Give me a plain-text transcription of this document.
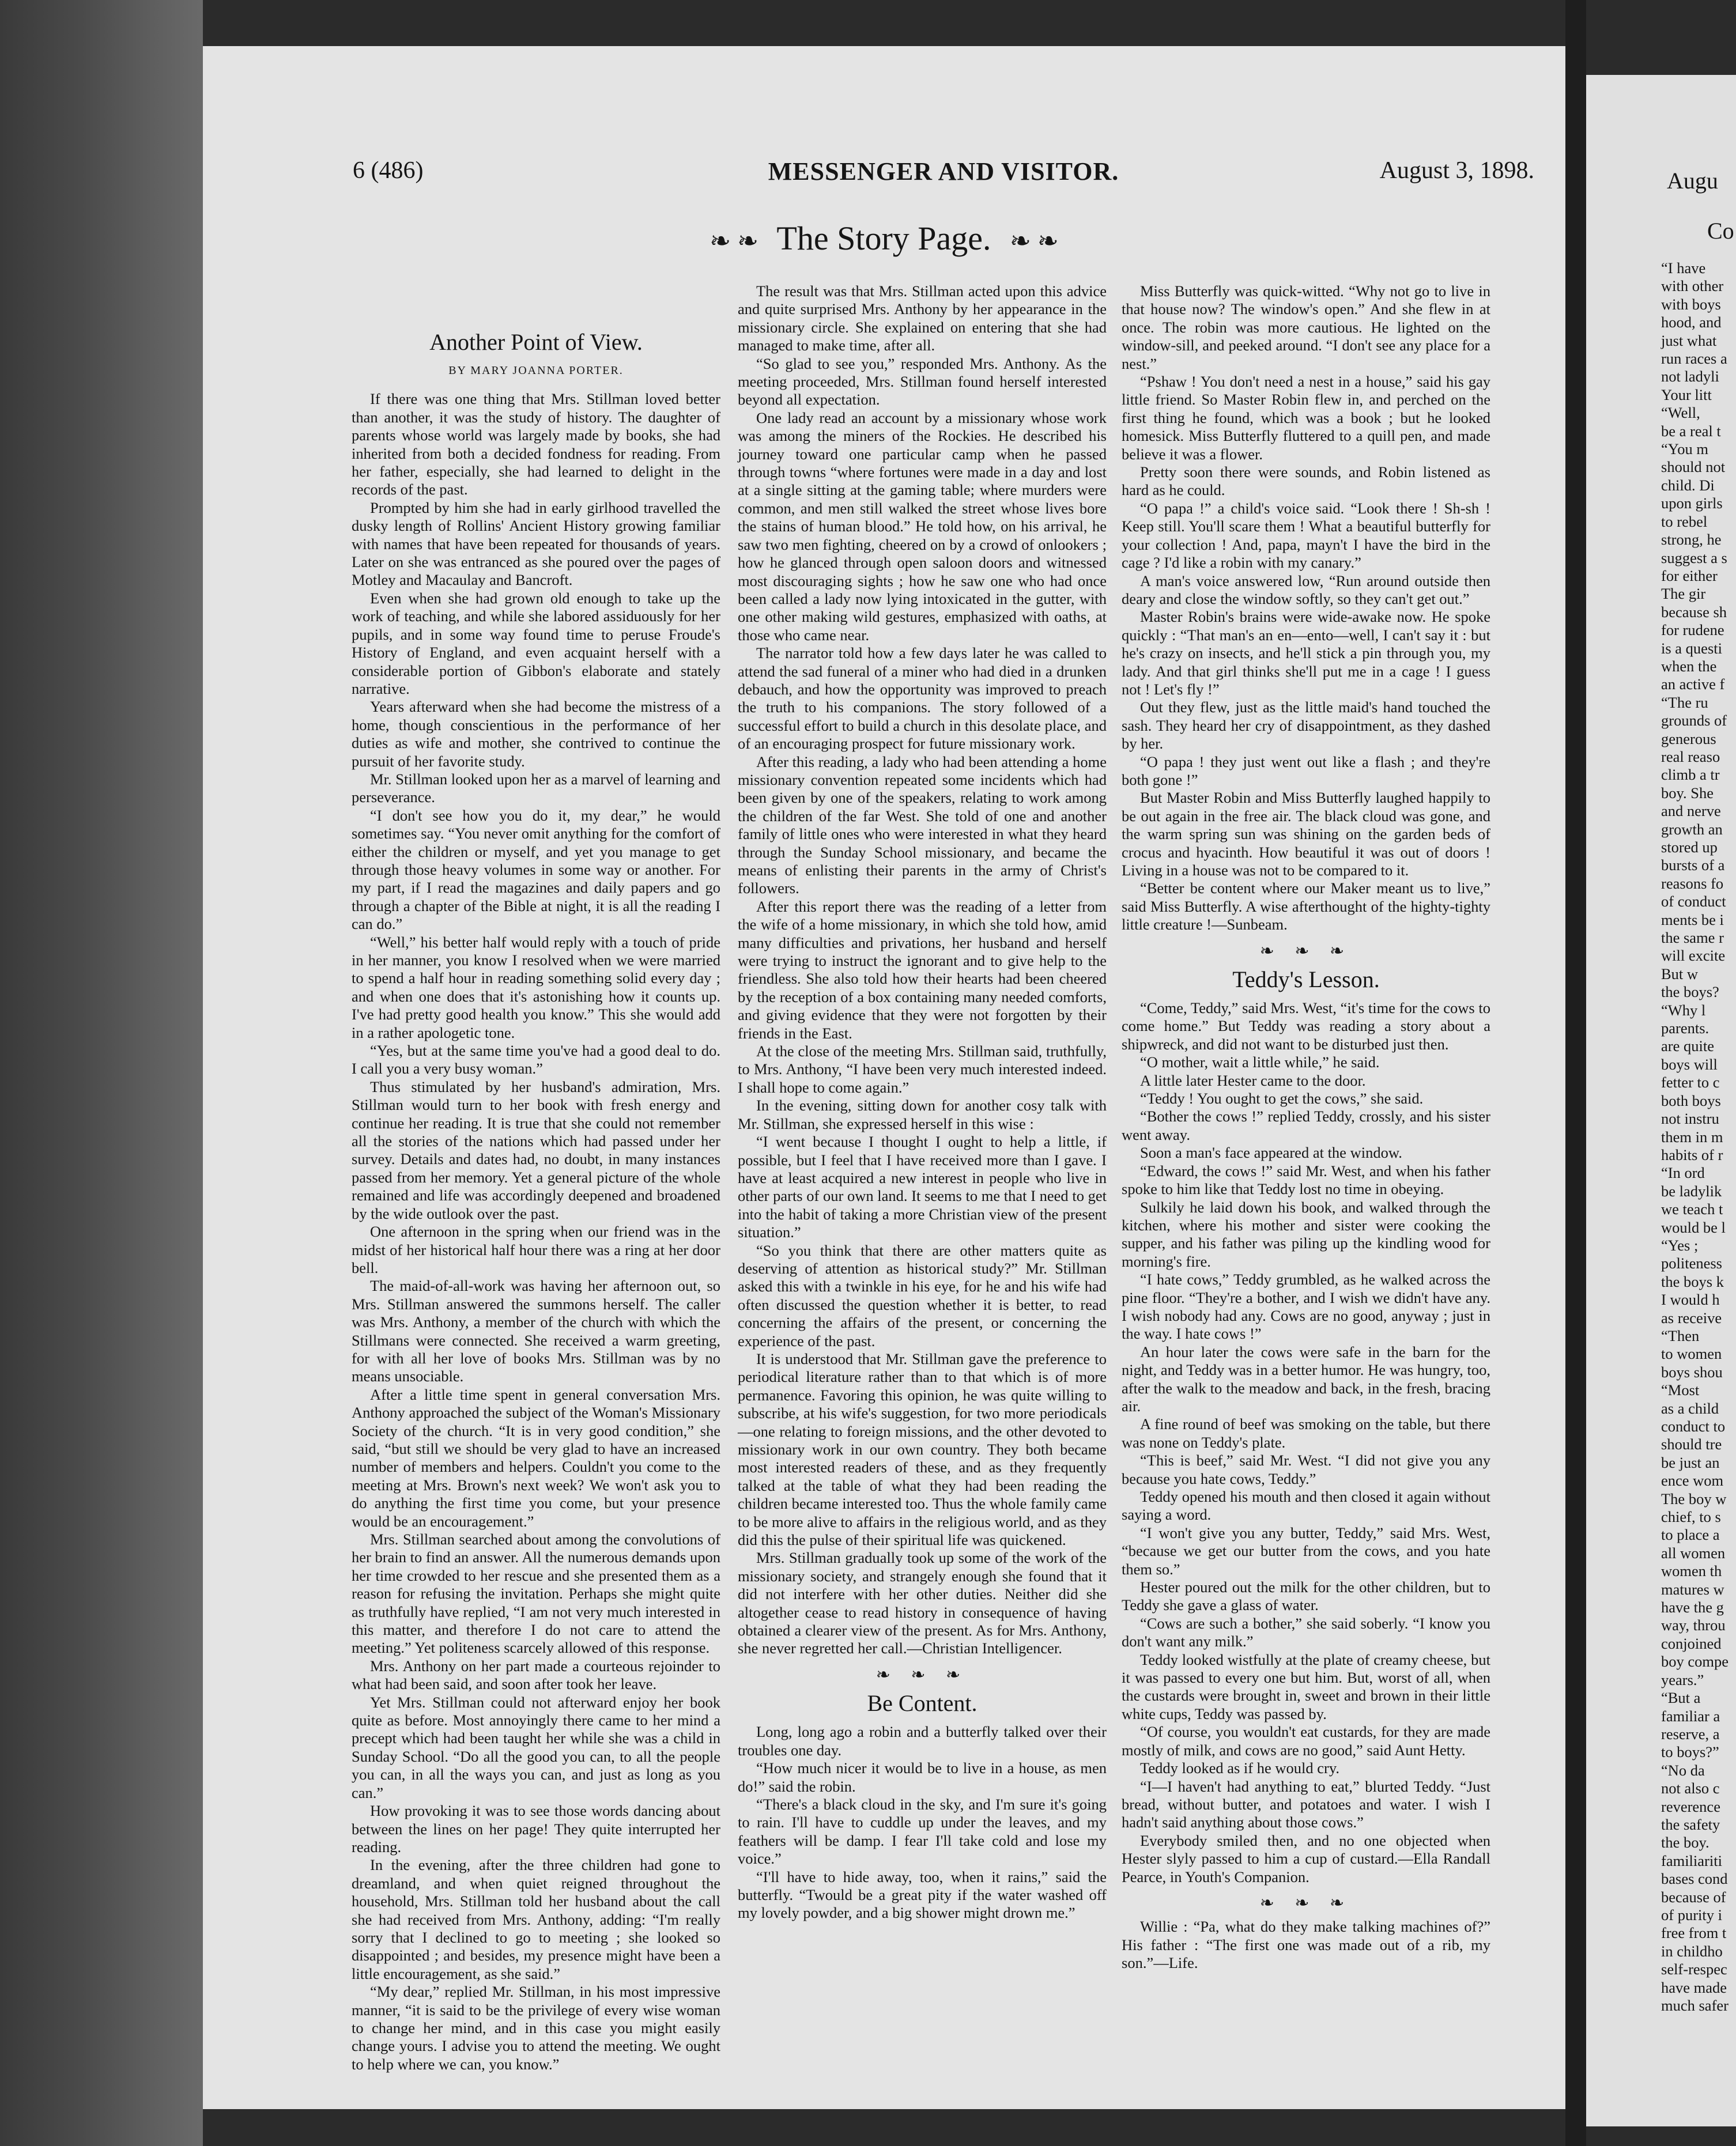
6 (486)	MESSENGER AND VISITOR.	August 3, 1898.
❧ ❧ The Story Page. ❧ ❧
Another Point of View.
BY MARY JOANNA PORTER.

If there was one thing that Mrs. Stillman loved better than another, it was the study of history. The daughter of parents whose world was largely made by books, she had inherited from both a decided fondness for reading. From her father, especially, she had learned to delight in the records of the past.

Prompted by him she had in early girlhood travelled the dusky length of Rollins' Ancient History growing familiar with names that have been repeated for thousands of years. Later on she was entranced as she poured over the pages of Motley and Macaulay and Bancroft.

Even when she had grown old enough to take up the work of teaching, and while she labored assiduously for her pupils, and in some way found time to peruse Froude's History of England, and even acquaint herself with a considerable portion of Gibbon's elaborate and stately narrative.

Years afterward when she had become the mistress of a home, though conscientious in the performance of her duties as wife and mother, she contrived to continue the pursuit of her favorite study.

Mr. Stillman looked upon her as a marvel of learning and perseverance.

“I don't see how you do it, my dear,” he would sometimes say. “You never omit anything for the comfort of either the children or myself, and yet you manage to get through those heavy volumes in some way or another. For my part, if I read the magazines and daily papers and go through a chapter of the Bible at night, it is all the reading I can do.”

“Well,” his better half would reply with a touch of pride in her manner, you know I resolved when we were married to spend a half hour in reading something solid every day ; and when one does that it's astonishing how it counts up. I've had pretty good health you know.” This she would add in a rather apologetic tone.

“Yes, but at the same time you've had a good deal to do. I call you a very busy woman.”

Thus stimulated by her husband's admiration, Mrs. Stillman would turn to her book with fresh energy and continue her reading. It is true that she could not remember all the stories of the nations which had passed under her survey. Details and dates had, no doubt, in many instances passed from her memory. Yet a general picture of the whole remained and life was accordingly deepened and broadened by the wide outlook over the past.

One afternoon in the spring when our friend was in the midst of her historical half hour there was a ring at her door bell.

The maid-of-all-work was having her afternoon out, so Mrs. Stillman answered the summons herself. The caller was Mrs. Anthony, a member of the church with which the Stillmans were connected. She received a warm greeting, for with all her love of books Mrs. Stillman was by no means unsociable.

After a little time spent in general conversation Mrs. Anthony approached the subject of the Woman's Missionary Society of the church. “It is in very good condition,” she said, “but still we should be very glad to have an increased number of members and helpers. Couldn't you come to the meeting at Mrs. Brown's next week? We won't ask you to do anything the first time you come, but your presence would be an encouragement.”

Mrs. Stillman searched about among the convolutions of her brain to find an answer. All the numerous demands upon her time crowded to her rescue and she presented them as a reason for refusing the invitation. Perhaps she might quite as truthfully have replied, “I am not very much interested in this matter, and therefore I do not care to attend the meeting.” Yet politeness scarcely allowed of this response.

Mrs. Anthony on her part made a courteous rejoinder to what had been said, and soon after took her leave.

Yet Mrs. Stillman could not afterward enjoy her book quite as before. Most annoyingly there came to her mind a precept which had been taught her while she was a child in Sunday School. “Do all the good you can, to all the people you can, in all the ways you can, and just as long as you can.”

How provoking it was to see those words dancing about between the lines on her page! They quite interrupted her reading.

In the evening, after the three children had gone to dreamland, and when quiet reigned throughout the household, Mrs. Stillman told her husband about the call she had received from Mrs. Anthony, adding: “I'm really sorry that I declined to go to meeting ; she looked so disappointed ; and besides, my presence might have been a little encouragement, as she said.”

“My dear,” replied Mr. Stillman, in his most impressive manner, “it is said to be the privilege of every wise woman to change her mind, and in this case you might easily change yours. I advise you to attend the meeting. We ought to help where we can, you know.”

The result was that Mrs. Stillman acted upon this advice and quite surprised Mrs. Anthony by her appearance in the missionary circle. She explained on entering that she had managed to make time, after all.

“So glad to see you,” responded Mrs. Anthony. As the meeting proceeded, Mrs. Stillman found herself interested beyond all expectation.

One lady read an account by a missionary whose work was among the miners of the Rockies. He described his journey toward one particular camp when he passed through towns “where fortunes were made in a day and lost at a single sitting at the gaming table; where murders were common, and men still walked the street whose lives bore the stains of human blood.” He told how, on his arrival, he saw two men fighting, cheered on by a crowd of onlookers ; how he glanced through open saloon doors and witnessed most discouraging sights ; how he saw one who had once been called a lady now lying intoxicated in the gutter, with one other making wild gestures, emphasized with oaths, at those who came near.

The narrator told how a few days later he was called to attend the sad funeral of a miner who had died in a drunken debauch, and how the opportunity was improved to preach the truth to his companions. The story followed of a successful effort to build a church in this desolate place, and of an encouraging prospect for future missionary work.

After this reading, a lady who had been attending a home missionary convention repeated some incidents which had been given by one of the speakers, relating to work among the children of the far West. She told of one and another family of little ones who were interested in what they heard through the Sunday School missionary, and became the means of enlisting their parents in the army of Christ's followers.

After this report there was the reading of a letter from the wife of a home missionary, in which she told how, amid many difficulties and privations, her husband and herself were trying to instruct the ignorant and to give help to the friendless. She also told how their hearts had been cheered by the reception of a box containing many needed comforts, and giving evidence that they were not forgotten by their friends in the East.

At the close of the meeting Mrs. Stillman said, truthfully, to Mrs. Anthony, “I have been very much interested indeed. I shall hope to come again.”

In the evening, sitting down for another cosy talk with Mr. Stillman, she expressed herself in this wise :

“I went because I thought I ought to help a little, if possible, but I feel that I have received more than I gave. I have at least acquired a new interest in people who live in other parts of our own land. It seems to me that I need to get into the habit of taking a more Christian view of the present situation.”

“So you think that there are other matters quite as deserving of attention as historical study?” Mr. Stillman asked this with a twinkle in his eye, for he and his wife had often discussed the question whether it is better, to read concerning the affairs of the present, or concerning the experience of the past.

It is understood that Mr. Stillman gave the preference to periodical literature rather than to that which is of more permanence. Favoring this opinion, he was quite willing to subscribe, at his wife's suggestion, for two more periodicals—one relating to foreign missions, and the other devoted to missionary work in our own country. They both became most interested readers of these, and as they frequently talked at the table of what they had been reading the children became interested too. Thus the whole family came to be more alive to affairs in the religious world, and as they did this the pulse of their spiritual life was quickened.

Mrs. Stillman gradually took up some of the work of the missionary society, and strangely enough she found that it did not interfere with her other duties. Neither did she altogether cease to read history in consequence of having obtained a clearer view of the present. As for Mrs. Anthony, she never regretted her call.—Christian Intelligencer.

❧ ❧ ❧
Be Content.

Long, long ago a robin and a butterfly talked over their troubles one day.

“How much nicer it would be to live in a house, as men do!” said the robin.

“There's a black cloud in the sky, and I'm sure it's going to rain. I'll have to cuddle up under the leaves, and my feathers will be damp. I fear I'll take cold and lose my voice.”

“I'll have to hide away, too, when it rains,” said the butterfly. “Twould be a great pity if the water washed off my lovely powder, and a big shower might drown me.”

Miss Butterfly was quick-witted. “Why not go to live in that house now? The window's open.” And she flew in at once. The robin was more cautious. He lighted on the window-sill, and peeked around. “I don't see any place for a nest.”

“Pshaw ! You don't need a nest in a house,” said his gay little friend. So Master Robin flew in, and perched on the first thing he found, which was a book ; but he looked homesick. Miss Butterfly fluttered to a quill pen, and made believe it was a flower.

Pretty soon there were sounds, and Robin listened as hard as he could.

“O papa !” a child's voice said. “Look there ! Sh-sh ! Keep still. You'll scare them ! What a beautiful butterfly for your collection ! And, papa, mayn't I have the bird in the cage ? I'd like a robin with my canary.”

A man's voice answered low, “Run around outside then deary and close the window softly, so they can't get out.”

Master Robin's brains were wide-awake now. He spoke quickly : “That man's an en—ento—well, I can't say it : but he's crazy on insects, and he'll stick a pin through you, my lady. And that girl thinks she'll put me in a cage ! I guess not ! Let's fly !”

Out they flew, just as the little maid's hand touched the sash. They heard her cry of disappointment, as they dashed by her.

“O papa ! they just went out like a flash ; and they're both gone !”

But Master Robin and Miss Butterfly laughed happily to be out again in the free air. The black cloud was gone, and the warm spring sun was shining on the garden beds of crocus and hyacinth. How beautiful it was out of doors ! Living in a house was not to be compared to it.

“Better be content where our Maker meant us to live,” said Miss Butterfly. A wise afterthought of the highty-tighty little creature !—Sunbeam.

❧ ❧ ❧
Teddy's Lesson.

“Come, Teddy,” said Mrs. West, “it's time for the cows to come home.” But Teddy was reading a story about a shipwreck, and did not want to be disturbed just then.

“O mother, wait a little while,” he said.

A little later Hester came to the door.

“Teddy ! You ought to get the cows,” she said.

“Bother the cows !” replied Teddy, crossly, and his sister went away.

Soon a man's face appeared at the window.

“Edward, the cows !” said Mr. West, and when his father spoke to him like that Teddy lost no time in obeying.

Sulkily he laid down his book, and walked through the kitchen, where his mother and sister were cooking the supper, and his father was piling up the kindling wood for morning's fire.

“I hate cows,” Teddy grumbled, as he walked across the pine floor. “They're a bother, and I wish we didn't have any. I wish nobody had any. Cows are no good, anyway ; just in the way. I hate cows !”

An hour later the cows were safe in the barn for the night, and Teddy was in a better humor. He was hungry, too, after the walk to the meadow and back, in the fresh, bracing air.

A fine round of beef was smoking on the table, but there was none on Teddy's plate.

“This is beef,” said Mr. West. “I did not give you any because you hate cows, Teddy.”

Teddy opened his mouth and then closed it again without saying a word.

“I won't give you any butter, Teddy,” said Mrs. West, “because we get our butter from the cows, and you hate them so.”

Hester poured out the milk for the other children, but to Teddy she gave a glass of water.

“Cows are such a bother,” she said soberly. “I know you don't want any milk.”

Teddy looked wistfully at the plate of creamy cheese, but it was passed to every one but him. But, worst of all, when the custards were brought in, sweet and brown in their little white cups, Teddy was passed by.

“Of course, you wouldn't eat custards, for they are made mostly of milk, and cows are no good,” said Aunt Hetty.

Teddy looked as if he would cry.

“I—I haven't had anything to eat,” blurted Teddy. “Just bread, without butter, and potatoes and water. I wish I hadn't said anything about those cows.”

Everybody smiled then, and no one objected when Hester slyly passed to him a cup of custard.—Ella Randall Pearce, in Youth's Companion.

❧ ❧ ❧

Willie : “Pa, what do they make talking machines of?” His father : “The first one was made out of a rib, my son.”—Life.

Augu
Co
“I have
with other
with boys
hood, and
just what
run races a
not ladyli
Your litt
“Well,
be a real t
“You m
should not
child. Di
upon girls
to rebel
strong, he
suggest a s
for either
The gir
because sh
for rudene
is a questi
when the
an active f
“The ru
grounds of
generous
real reaso
climb a tr
boy. She
and nerve
growth an
stored up
bursts of a
reasons fo
of conduct
ments be i
the same r
will excite
But w
the boys?
“Why l
parents.
are quite
boys will
fetter to c
both boys
not instru
them in m
habits of r
“In ord
be ladylik
we teach t
would be l
“Yes ;
politeness
the boys k
I would h
as receive
“Then
to women
boys shou
“Most
as a child
conduct to
should tre
be just an
ence wom
The boy w
chief, to s
to place a
all women
women th
matures w
have the g
way, throu
conjoined
boy compe
years.”
“But a
familiar a
reserve, a
to boys?”
“No da
not also c
reverence
the safety
the boy.
familiariti
bases cond
because of
of purity i
free from t
in childho
self-respec
have made
much safer
